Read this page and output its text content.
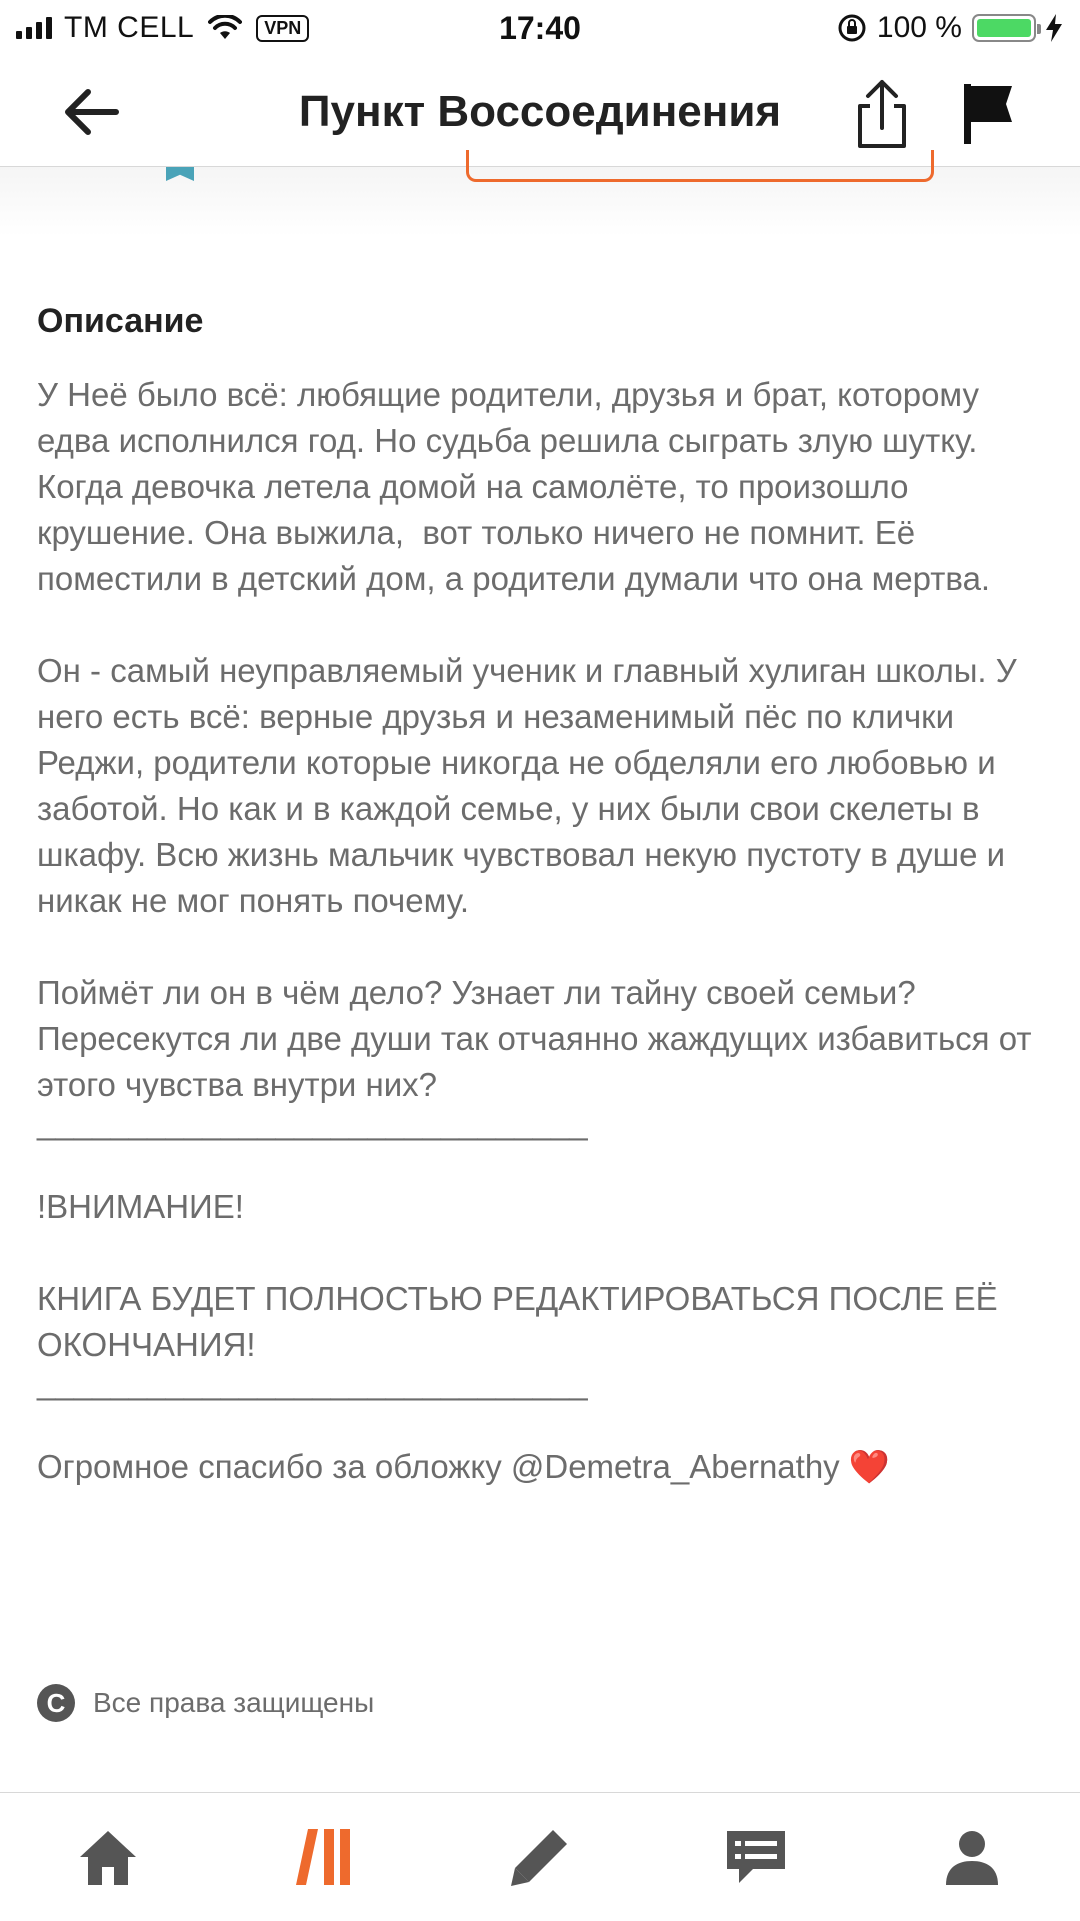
TM CELL	VPN	17:40	100 %
Пункт Воссоединения
Описание

У Неё было всё: любящие родители, друзья и брат, которому едва исполнился год. Но судьба решила сыграть злую шутку. Когда девочка летела домой на самолёте, то произошло крушение. Она выжила,  вот только ничего не помнит. Её поместили в детский дом, а родители думали что она мертва.

Он - самый неуправляемый ученик и главный хулиган школы. У него есть всё: верные друзья и незаменимый пёс по клички Реджи, родители которые никогда не обделяли его любовью и заботой. Но как и в каждой семье, у них были свои скелеты в шкафу. Всю жизнь мальчик чувствовал некую пустоту в душе и никак не мог понять почему.

Поймёт ли он в чём дело? Узнает ли тайну своей семьи? Пересекутся ли две души так отчаянно жаждущих избавиться от этого чувства внутри них?

______________________________

!ВНИМАНИЕ!

КНИГА БУДЕТ ПОЛНОСТЬЮ РЕДАКТИРОВАТЬСЯ ПОСЛЕ ЕЁ ОКОНЧАНИЯ!

______________________________

Огромное спасибо за обложку @Demetra_Abernathy ❤️

C Все права защищены
